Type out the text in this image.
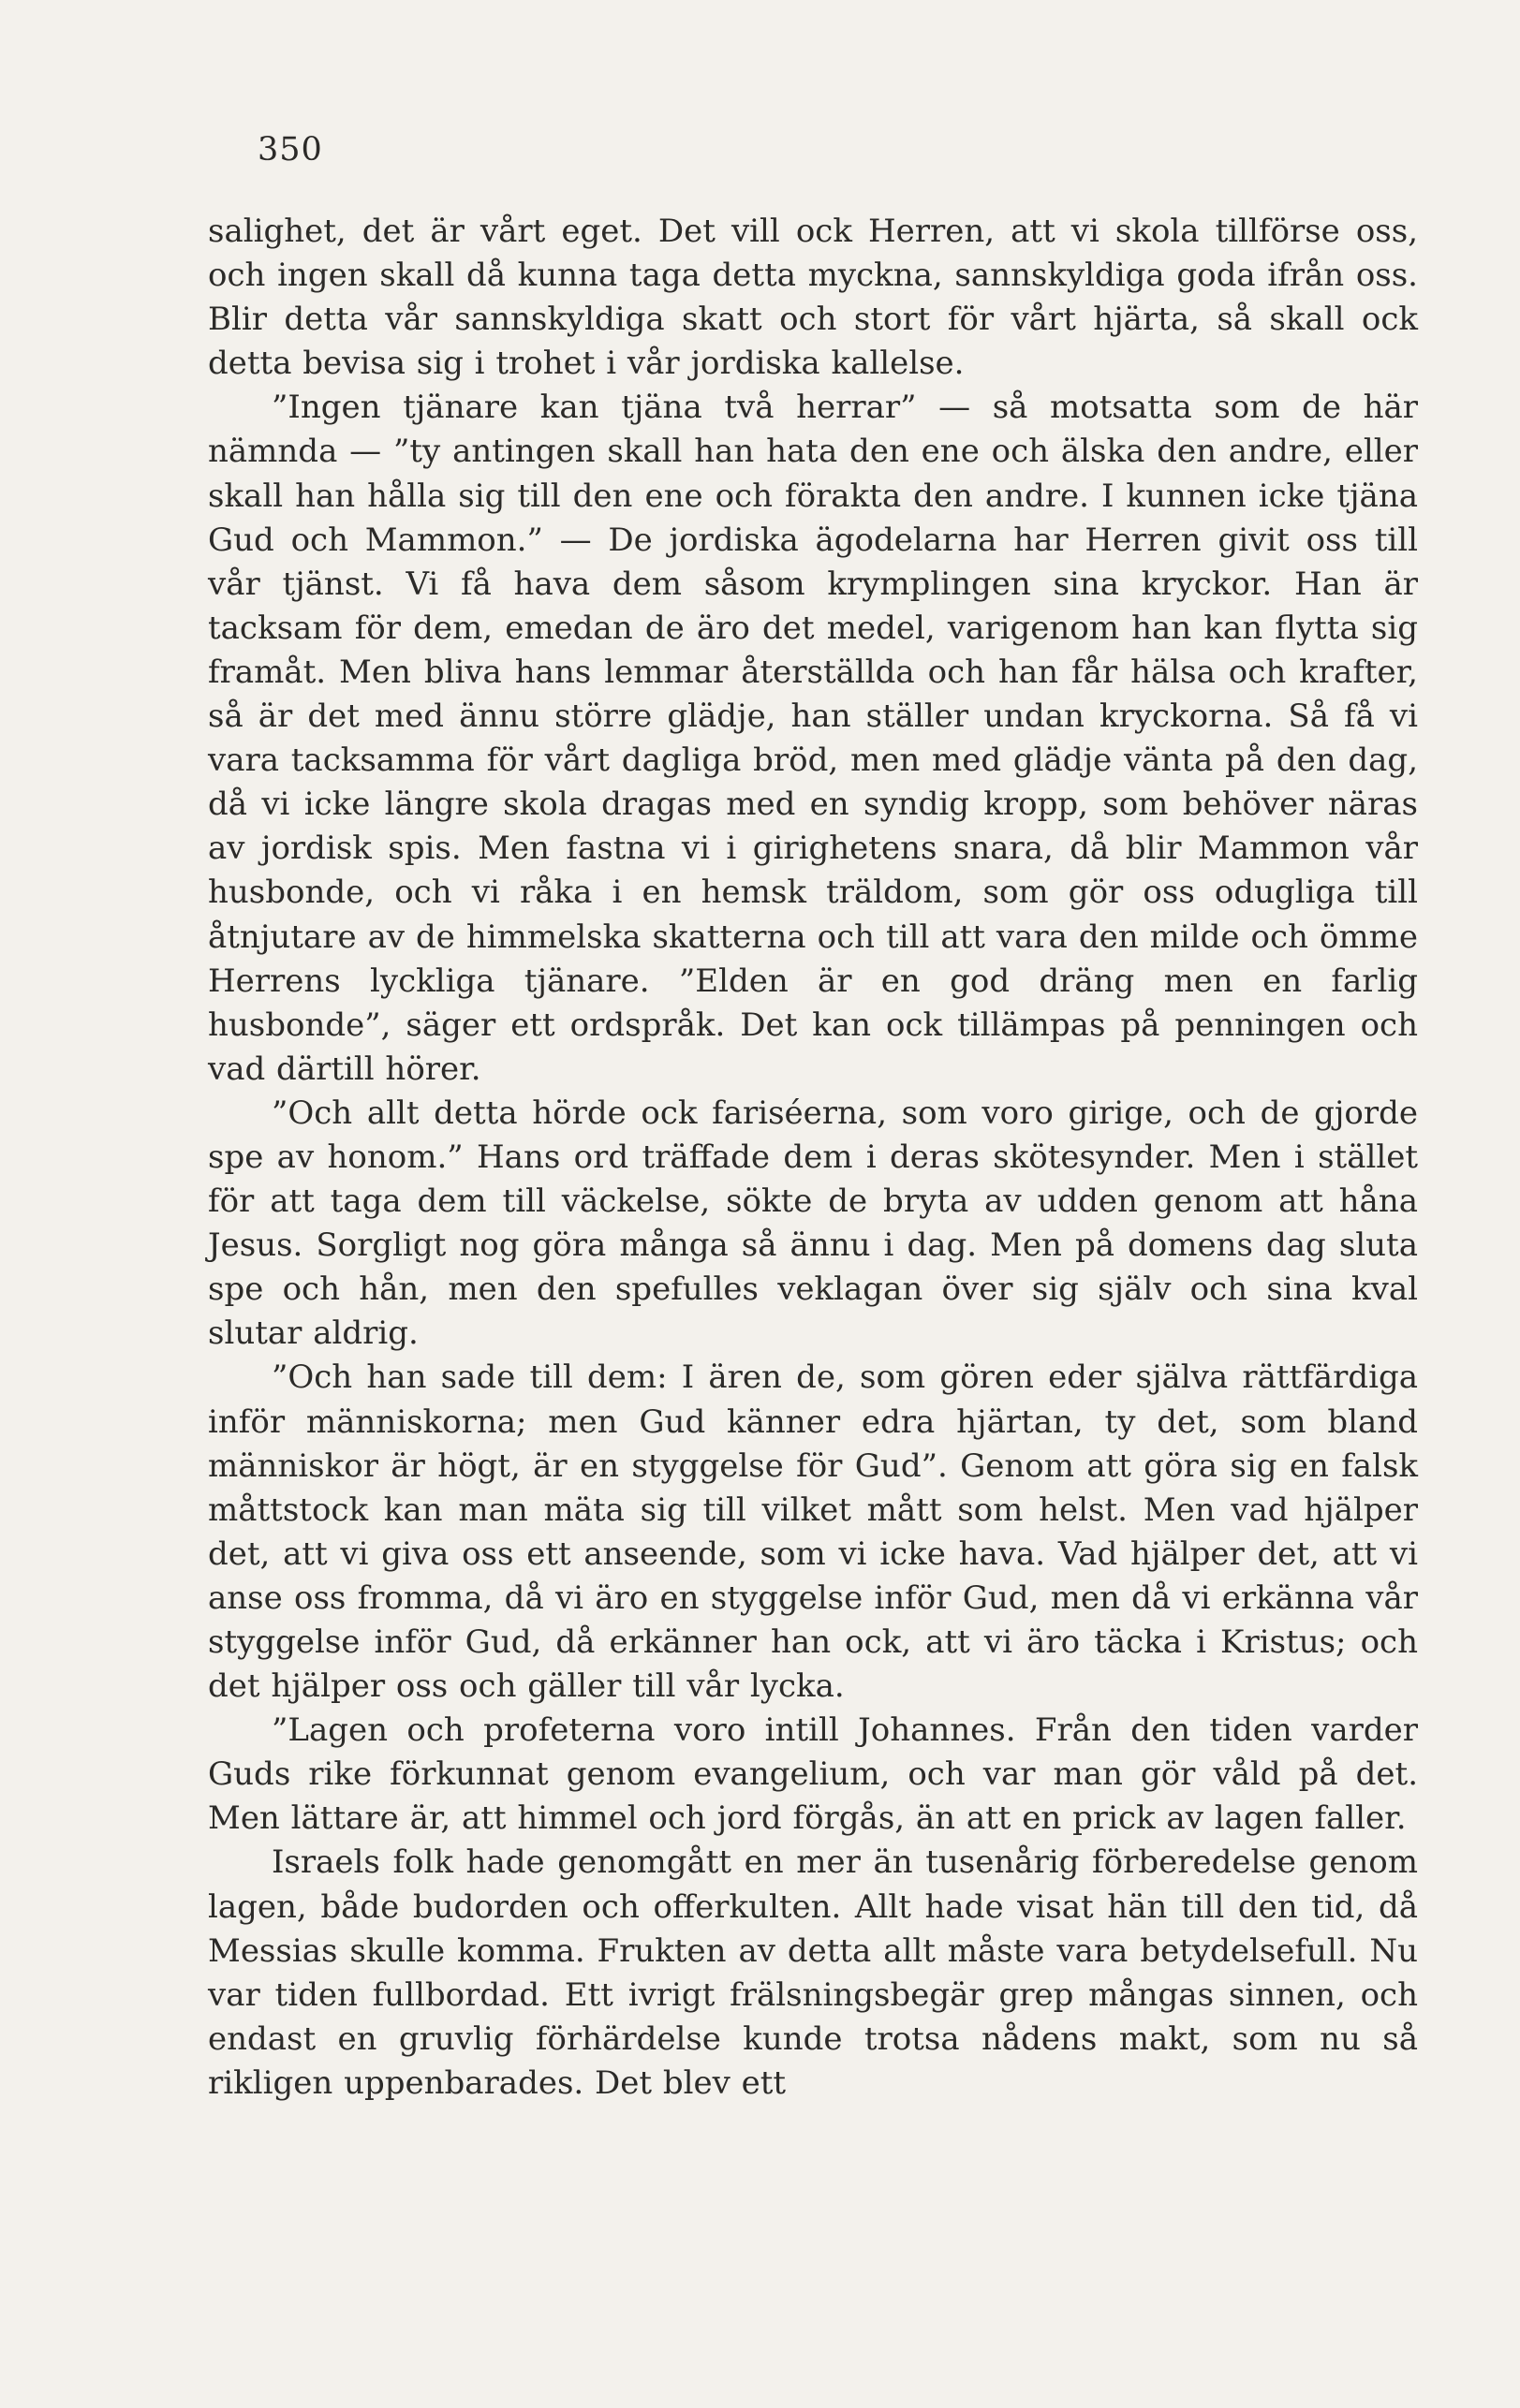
350

salighet, det är vårt eget. Det vill ock Herren, att vi skola tillförse oss, och ingen skall då kunna taga detta myckna, sannskyldiga goda ifrån oss. Blir detta vår sannskyldiga skatt och stort för vårt hjärta, så skall ock detta bevisa sig i trohet i vår jordiska kallelse.

”Ingen tjänare kan tjäna två herrar” — så motsatta som de här nämnda — ”ty antingen skall han hata den ene och älska den andre, eller skall han hålla sig till den ene och förakta den andre. I kunnen icke tjäna Gud och Mammon.” — De jordiska ägodelarna har Herren givit oss till vår tjänst. Vi få hava dem såsom krymplingen sina kryckor. Han är tacksam för dem, emedan de äro det medel, varigenom han kan flytta sig framåt. Men bliva hans lemmar återställda och han får hälsa och krafter, så är det med ännu större glädje, han ställer undan kryckorna. Så få vi vara tacksamma för vårt dagliga bröd, men med glädje vänta på den dag, då vi icke längre skola dragas med en syndig kropp, som behöver näras av jordisk spis. Men fastna vi i girighetens snara, då blir Mammon vår husbonde, och vi råka i en hemsk träldom, som gör oss odugliga till åtnjutare av de himmelska skatterna och till att vara den milde och ömme Herrens lyckliga tjänare. ”Elden är en god dräng men en farlig husbonde”, säger ett ordspråk. Det kan ock tillämpas på penningen och vad därtill hörer.

”Och allt detta hörde ock fariséerna, som voro girige, och de gjorde spe av honom.” Hans ord träffade dem i deras skötesynder. Men i stället för att taga dem till väckelse, sökte de bryta av udden genom att håna Jesus. Sorgligt nog göra många så ännu i dag. Men på domens dag sluta spe och hån, men den spefulles veklagan över sig själv och sina kval slutar aldrig.

”Och han sade till dem: I ären de, som gören eder själva rättfärdiga inför människorna; men Gud känner edra hjärtan, ty det, som bland människor är högt, är en styggelse för Gud”. Genom att göra sig en falsk måttstock kan man mäta sig till vilket mått som helst. Men vad hjälper det, att vi giva oss ett anseende, som vi icke hava. Vad hjälper det, att vi anse oss fromma, då vi äro en styggelse inför Gud, men då vi erkänna vår styggelse inför Gud, då erkänner han ock, att vi äro täcka i Kristus; och det hjälper oss och gäller till vår lycka.

”Lagen och profeterna voro intill Johannes. Från den tiden varder Guds rike förkunnat genom evangelium, och var man gör våld på det. Men lättare är, att himmel och jord förgås, än att en prick av lagen faller.

Israels folk hade genomgått en mer än tusenårig förberedelse genom lagen, både budorden och offerkulten. Allt hade visat hän till den tid, då Messias skulle komma. Frukten av detta allt måste vara betydelsefull. Nu var tiden fullbordad. Ett ivrigt frälsningsbegär grep mångas sinnen, och endast en gruvlig förhärdelse kunde trotsa nådens makt, som nu så rikligen uppenbarades. Det blev ett
